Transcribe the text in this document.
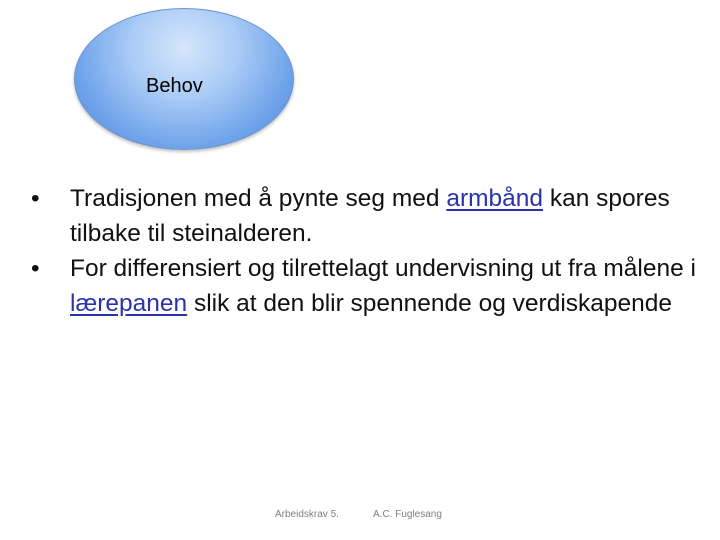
Behov
•	Tradisjonen med å pynte seg med armbånd kan spores tilbake til steinalderen.
•	For differensiert og tilrettelagt undervisning ut fra målene i lærepanen slik at den blir spennende og verdiskapende
Arbeidskrav 5.	A.C. Fuglesang
